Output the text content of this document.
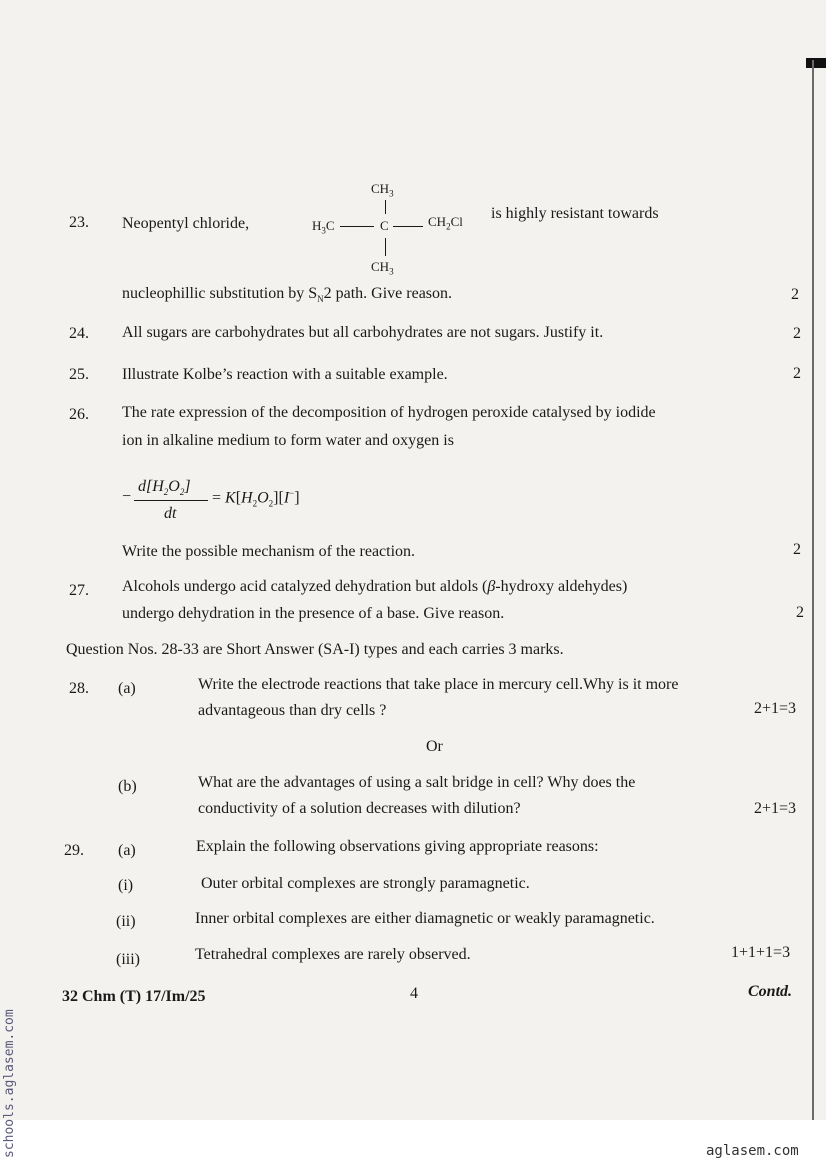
23. Neopentyl chloride,
$CH_3$
$H_3C$	C	$CH_2Cl$
$CH_3$
is highly resistant towards
nucleophillic substitution by $S_N2$ path. Give reason.	2
24. All sugars are carbohydrates but all carbohydrates are not sugars. Justify it.	2
25. Illustrate Kolbe’s reaction with a suitable example.	2
26. The rate expression of the decomposition of hydrogen peroxide catalysed by iodide
ion in alkaline medium to form water and oxygen is
−
$d[H_2O_2]$
dt
= $K[H_2O_2][I^-]$
Write the possible mechanism of the reaction.	2
27. Alcohols undergo acid catalyzed dehydration but aldols (β-hydroxy aldehydes)
undergo dehydration in the presence of a base. Give reason.	2
Question Nos. 28-33 are Short Answer (SA-I) types and each carries 3 marks.
28. (a)	Write the electrode reactions that take place in mercury cell.Why is it more
advantageous than dry cells ?	2+1=3
Or
(b)	What are the advantages of using a salt bridge in cell? Why does the
conductivity of a solution decreases with dilution?	2+1=3
29. (a)	Explain the following observations giving appropriate reasons:
(i)	Outer orbital complexes are strongly paramagnetic.
(ii)	Inner orbital complexes are either diamagnetic or weakly paramagnetic.
(iii)	Tetrahedral complexes are rarely observed.	1+1+1=3
32 Chm (T) 17/Im/25	4	Contd.
schools.aglasem.com	aglasem.com
